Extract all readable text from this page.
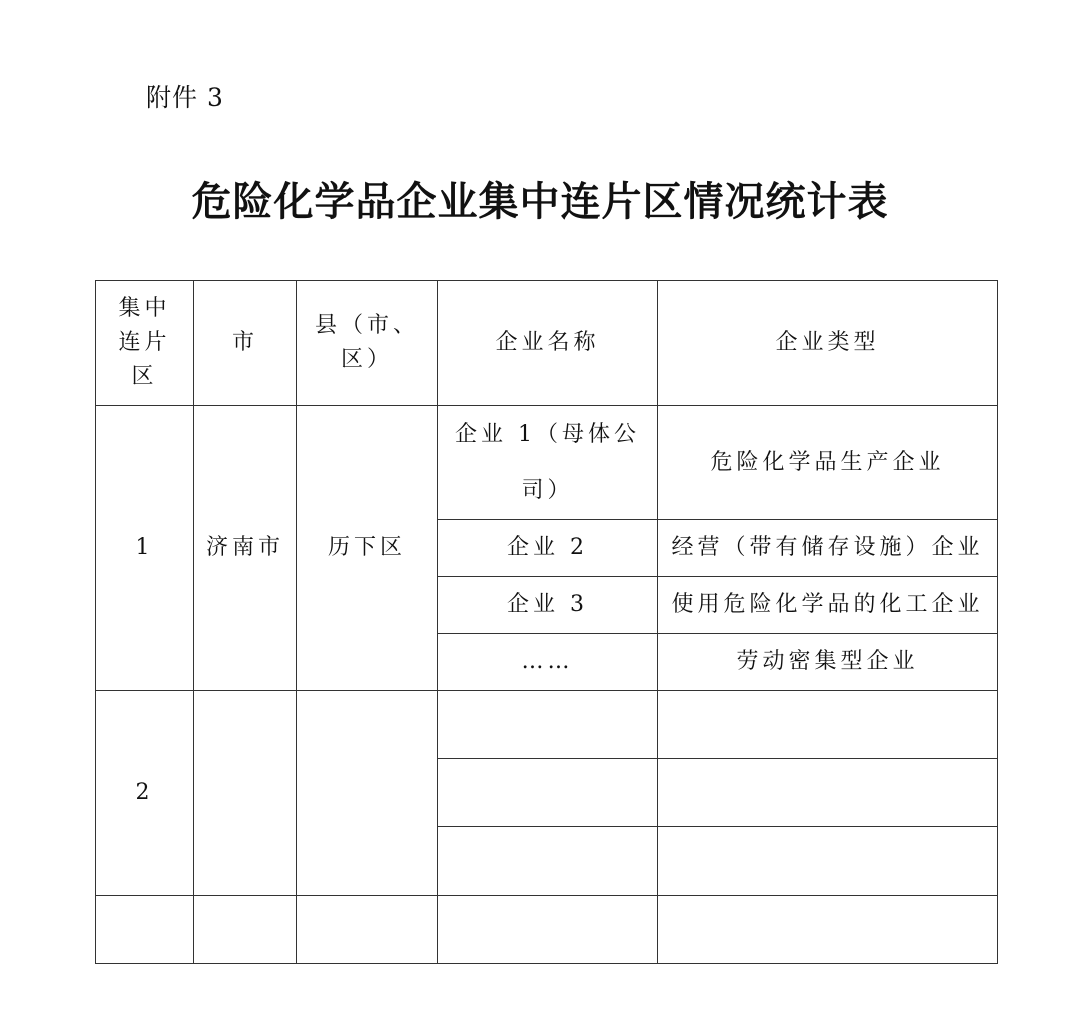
附件 3
危险化学品企业集中连片区情况统计表
集中连片区	市	县（市、区）	企业名称	企业类型
1	济南市	历下区	企业 1（母体公司）	危险化学品生产企业
			企业 2	经营（带有储存设施）企业
			企业 3	使用危险化学品的化工企业
			……	劳动密集型企业
2				
